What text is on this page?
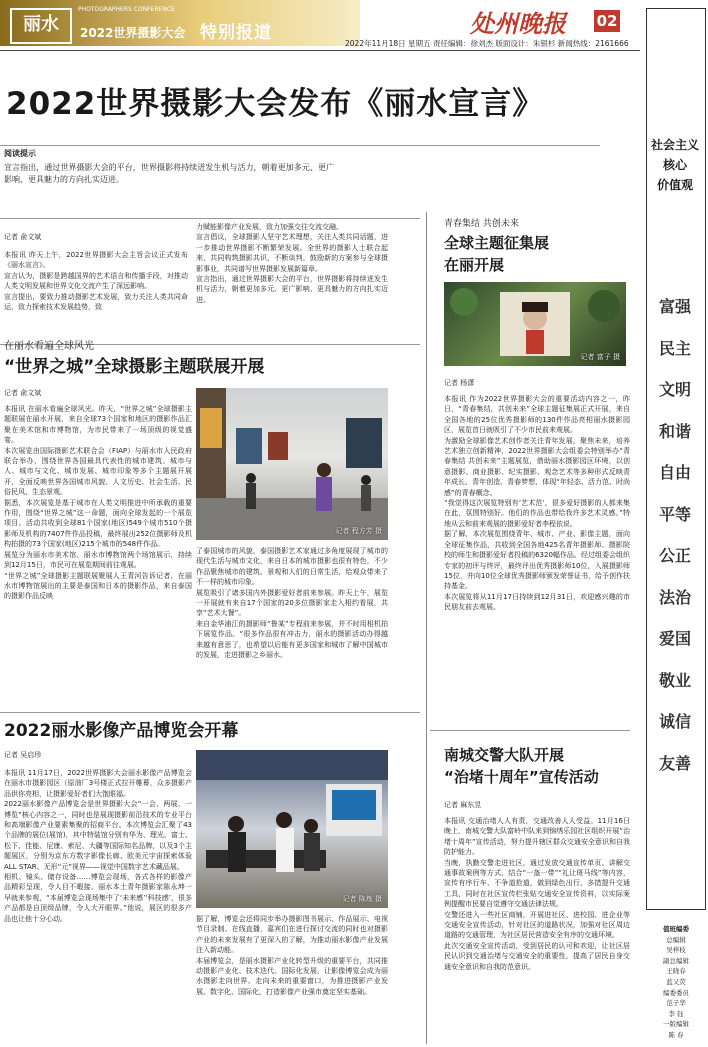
丽水
PHOTOGRAPHERS CONFERENCE
2022世界摄影大会 特别报道	处州晚报 02
2022年11月18日 星期五 责任编辑：徐刘杰 版面设计：朱银杉 新闻热线：2161666
2022世界摄影大会发布《丽水宣言》
阅读提示
宣言指出，通过世界摄影大会的平台，世界摄影将持续迸发生机与活力，朝着更加多元、更广影响、更具魅力的方向扎实迈进。
记者 俞文斌
本报讯 昨天上午，2022世界摄影大会主旨会议正式发布《丽水宣言》。
宣言认为，摄影是跨越国界的艺术语言和传播手段，对推动人类文明发展和世界文化交流产生了深远影响。
宣言提出，要致力推动摄影艺术发展，致力关注人类共同命运，致力探索技术发展趋势，致
力赋能影像产业发展，致力加强交往交流交融。
宣言倡议，全球摄影人坚守艺术理想，关注人类共同话题，进一步推动世界摄影不断繁荣发展。全世界的摄影人士联合起来，共同构筑摄影共识，不断谈判，鼓励新的方案参与全球摄影事业，共同谱写世界摄影发展新篇章。
宣言指出，通过世界摄影大会的平台，世界摄影将持续迸发生机与活力，朝着更加多元、更广影响、更具魅力的方向扎实迈进。
在丽水看遍全球风光
“世界之城”全球摄影主题联展开展
记者 俞文斌
本报讯 在丽水看遍全球风光。昨天，“世界之城”全球摄影主题联展在丽水开展，来自全球73个国家和地区的摄影作品汇聚在美术馆和市博物馆，为市民带来了一场顶级的视觉盛宴。
本次展览由国际摄影艺术联合会（FIAP）与丽水市人民政府联合举办，围绕世界各国最具代表性的城市建筑、城市与人、城市与文化、城市发展、城市印象等多个主题展开展开，全面反映世界各国城市风貌、人文历史、社会生活、民俗民风、生态景观。
据悉，本次展览是基于城市在人类文明推进中所承载的重要作用，围绕“世界之城”这一命题，面向全球发起的一个展览项目。活动共收到全球81个国家(地区)549个城市510个摄影师及机构的7407件作品投稿，最终展出252位摄影师及机构拍摄的73个国家(地区)215个城市的548件作品。
展览分为丽水市美术馆、丽水市博物馆两个场馆展示，持续到12月15日，市民可在展览期间前往观展。
“世界之城”全球摄影主题联展聚展人王青河告诉记者，在丽水市博物馆展出的主要是泰国和日本的摄影作品，来自泰国的摄影作品反映
记者 程方芳 摄
了泰国城市的风貌，泰国摄影艺术家通过多角度展现了城市的现代生活与城市文化，来自日本的城市摄影也很有特色，不少作品聚焦城市的建筑、景观和人们的日常生活，给观众带来了不一样的城市印象。
展览吸引了诸多国内外摄影爱好者前来参展。昨天上午，展览一开展就有来自17个国家的20多位摄影家走入相约看展，共享“艺术大餐”。
来自金华浦江的摄影师“鲁某”专程前来参展，并不时用相机拍下展览作品。“很多作品很有冲击力，丽水的摄影活动办得越来越有意思了，也希望以后能有更多国家和城市了解中国城市的发展，走进摄影之乡丽水。
2022丽水影像产品博览会开幕
记者 吴启珍
本报讯 11月17日，2022世界摄影大会丽水影像产品博览会在丽水市摄影园区（原油厂3号楼正式拉开帷幕，众多摄影产品供你亮相，让摄影爱好者们大饱眼福。
2022丽水影像产品博览会是世界摄影大会“一会、两展、一博览”核心内容之一，同时也是展现摄影前沿技术的专业平台和高端影像产业要素集聚的招商平台。本次博览会汇聚了43个品牌的展位(展馆)，其中特装馆分别有华为、理光、富士、松下、佳能、尼康、索尼、大疆等国际知名品牌，以及3个主题展区，分别为京东方数字影像长廊、欧美元宇宙探索体验 ALL STAR、无形“元”视界——视觉中国数字艺术藏品展。
相机、镜头、储存设备……博览会现场，各式各样的影像产品精彩呈现，令人目不暇接。丽水本土青年摄影家陈永坤一早就来参观，“本届博览会现场集中了‘未来感’‘科技感’，很多产品都是自顶级品牌，令人大开眼界。”他说，展区的很多产品也让他十分心动。
记者 陈炼 摄
据了解，博览会还将同步举办摄影图书展示、作品展示、电视节目录制、在线直播，嘉宾们在进行探讨交流的同时也对摄影产业的未来发展有了更深入的了解，为推动丽水影像产业发展注入新动能。
本届博览会，是丽水摄影产业化转型升级的重要平台，共同推动摄影产业化、技术迭代、国际化发展，让影像博览会成为丽水摄影走向世界、走向未来的重要窗口，为推进摄影产业发展、数字化、国际化，打造影像产业强市奠定坚实基础。
青春集结 共创未来
全球主题征集展
在丽开展
记者 富子 摄
记者 杨潇
本报讯 作为2022世界摄影大会的重要活动内容之一，昨日，“青春集结，共创未来”全球主题征集展正式开展，来自全国各地的25位优秀摄影师的130件作品亮相丽水摄影园区，展览首日就吸引了不少市民前来观展。
为激励全球影像艺术创作者关注青年发展，聚焦未来，培养艺术独立创新精神，2022世界摄影大会组委会特别举办“青春集结 共创未来”主题展览，借助丽水摄影园区环境，以创意摄影、商业摄影、纪实摄影、观念艺术等多种形式反映青年成长、青年创造、青春梦想，体现“年轻态、活力范、时尚感”的青春概念。
“我觉得这次展览特别有‘艺术范’，很多爱好摄影的人都来集在此，氛围特别好。他们的作品也带给我许多艺术灵感。”特地从云和前来观展的摄影爱好者李程依说。
据了解，本次展览围绕青年、城市、产业、影像主题，面向全球征集作品，共收到全国各地425名青年摄影师、摄影院校的师生和摄影爱好者投稿的6320幅作品。经过组委会组织专家的初评与终评，最终评出优秀摄影师10位，入展摄影师15位，并向10位全球优秀摄影师颁发荣誉证书，给予创作扶持基金。
本次展览将从11月17日持续到12月31日，欢迎感兴趣的市民朋友前去观展。
南城交警大队开展
“治堵十周年”宣传活动
记者 麻东昱
本报讯 交通治堵人人有责，交通改善人人受益。11月16日晚上，南城交警大队富岭中队来到锦绣乐园社区组织开展“治堵十周年”宣传活动，努力提升辖区群众交通安全意识和自我防护能力。
当晚，执勤交警走进社区，通过发放交通宣传单页、讲解交通事故案例等方式，结合“一盔一带”“礼让斑马线”等内容，宣传有序行车、不争道抢道，做到绿色出行，多措提升交通工具，同时在社区宣传栏张贴交通安全宣传资料，以实际案例提醒市民要自觉遵守交通法律法规。
交警还进入一些社区商铺，开展进社区、进校园、进企业等交通安全宣传活动，针对社区的道路状况，加强对社区周边道路的交通管理，为社区居民营造安全有序的交通环境。
此次交通安全宣传活动，受到居民的认可和欢迎，让社区居民认识到交通治堵与交通安全的重要性，提高了居民自身交通安全意识和自我防范意识。
社会主义
核心
价值观
富强
民主
文明
和谐
自由
平等
公正
法治
爱国
敬业
诚信
友善
值班编委
总编辑
吴梓枝
副总编辑
王晓春
蓝又荧
编委委员
范子华
李 钰
一版编辑
陈 春
